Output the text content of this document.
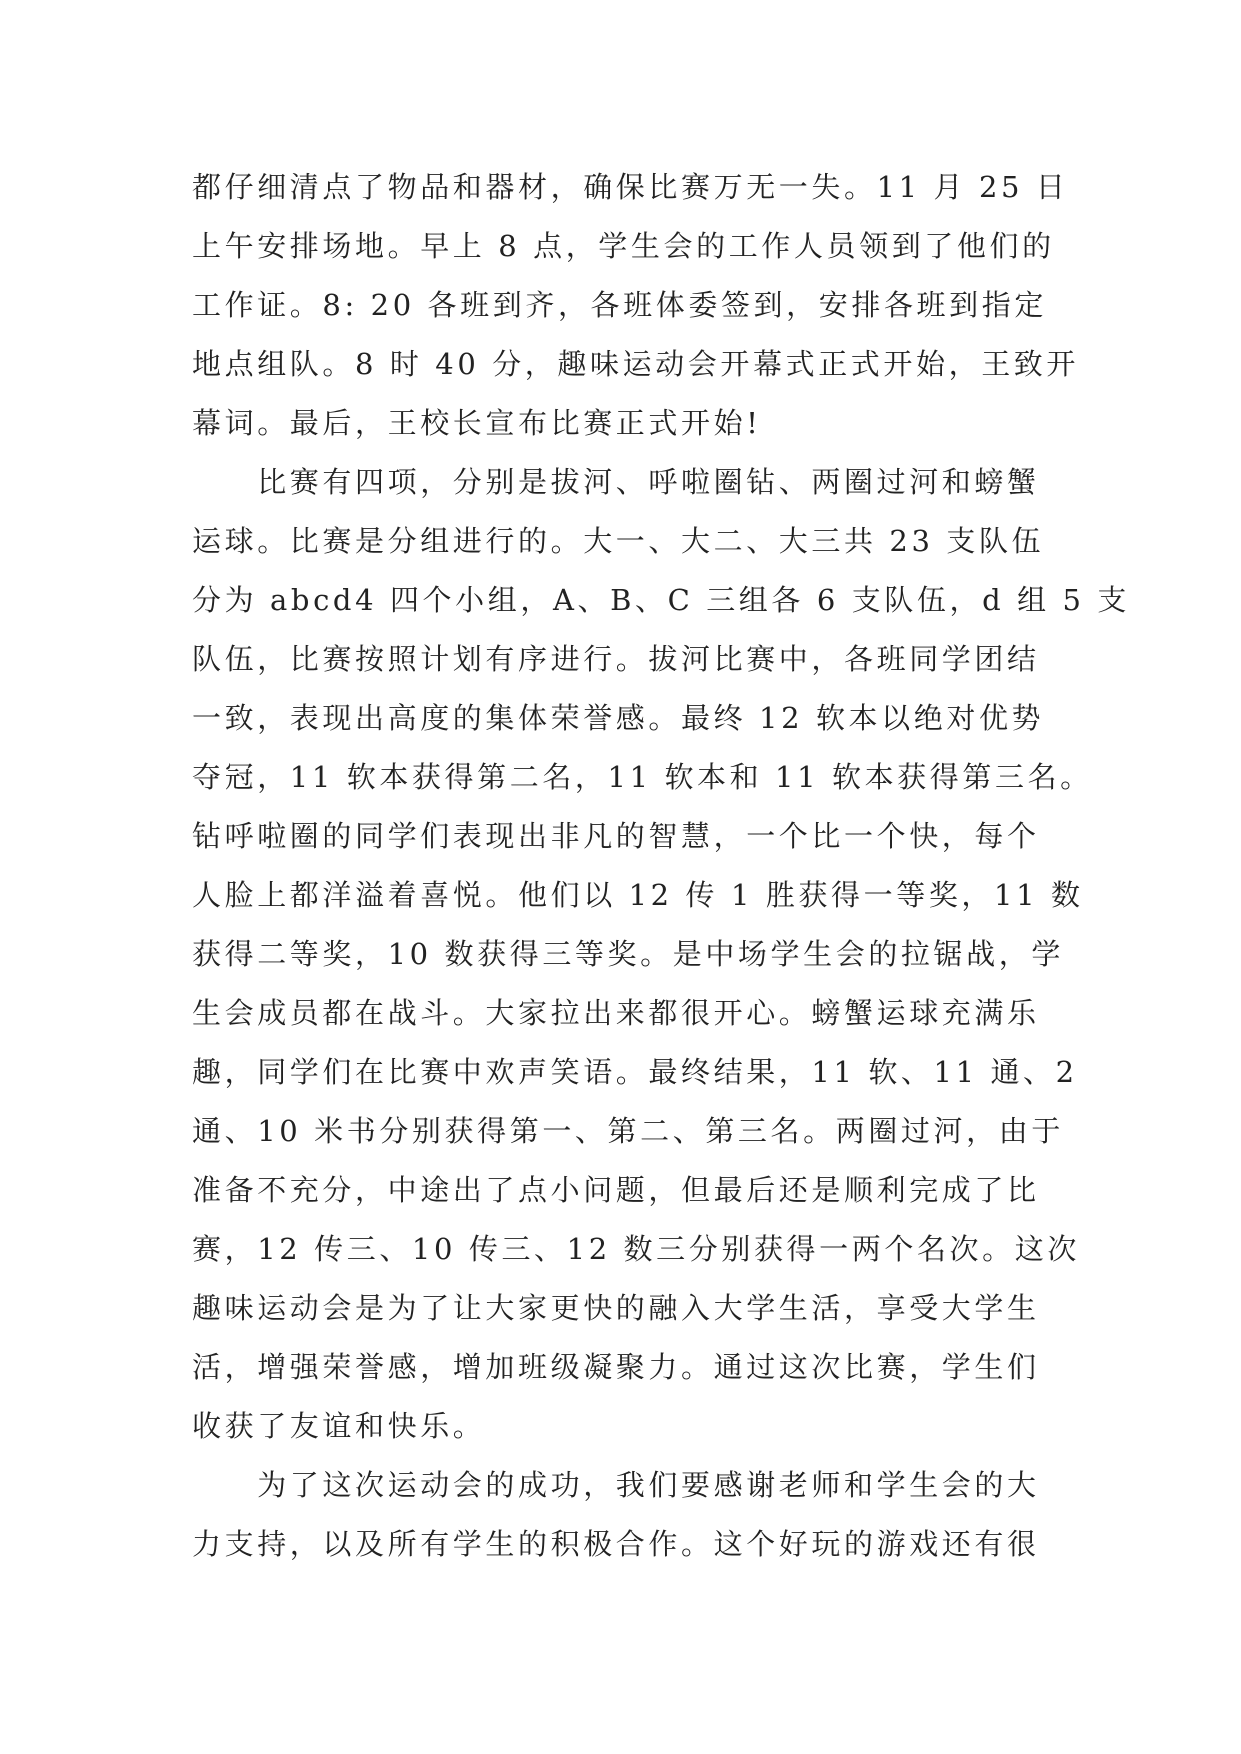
都仔细清点了物品和器材，确保比赛万无一失。11 月 25 日
上午安排场地。早上 8 点，学生会的工作人员领到了他们的
工作证。8: 20 各班到齐，各班体委签到，安排各班到指定
地点组队。8 时 40 分，趣味运动会开幕式正式开始，王致开
幕词。最后，王校长宣布比赛正式开始!
　　比赛有四项，分别是拔河、呼啦圈钻、两圈过河和螃蟹
运球。比赛是分组进行的。大一、大二、大三共 23 支队伍
分为 abcd4 四个小组，A、B、C 三组各 6 支队伍，d 组 5 支
队伍，比赛按照计划有序进行。拔河比赛中，各班同学团结
一致，表现出高度的集体荣誉感。最终 12 软本以绝对优势
夺冠，11 软本获得第二名，11 软本和 11 软本获得第三名。
钻呼啦圈的同学们表现出非凡的智慧，一个比一个快，每个
人脸上都洋溢着喜悦。他们以 12 传 1 胜获得一等奖，11 数
获得二等奖，10 数获得三等奖。是中场学生会的拉锯战，学
生会成员都在战斗。大家拉出来都很开心。螃蟹运球充满乐
趣，同学们在比赛中欢声笑语。最终结果，11 软、11 通、2
通、10 米书分别获得第一、第二、第三名。两圈过河，由于
准备不充分，中途出了点小问题，但最后还是顺利完成了比
赛，12 传三、10 传三、12 数三分别获得一两个名次。这次
趣味运动会是为了让大家更快的融入大学生活，享受大学生
活，增强荣誉感，增加班级凝聚力。通过这次比赛，学生们
收获了友谊和快乐。
　　为了这次运动会的成功，我们要感谢老师和学生会的大
力支持，以及所有学生的积极合作。这个好玩的游戏还有很
